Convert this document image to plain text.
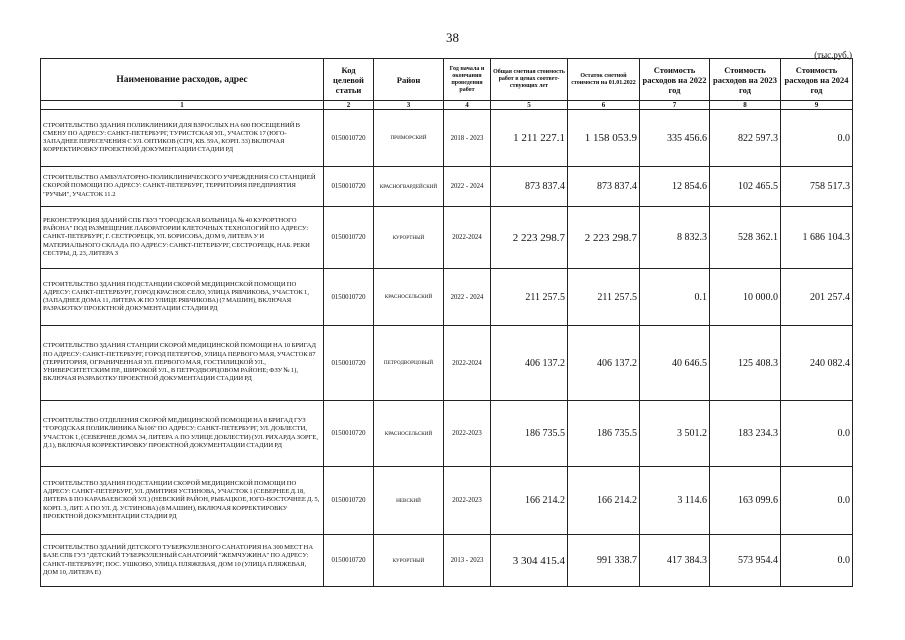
38
(тыс.руб.)
Наименование расходов, адрес	Код целевой статьи	Район	Год начала и окончания проведения работ	Общая сметная стоимость работ в ценах соответ-ствующих лет	Остаток сметной стоимости на 01.01.2022	Стоимость расходов на 2022 год	Стоимость расходов на 2023 год	Стоимость расходов на 2024 год
1	2	3	4	5	6	7	8	9
СТРОИТЕЛЬСТВО ЗДАНИЯ ПОЛИКЛИНИКИ ДЛЯ ВЗРОСЛЫХ НА 600 ПОСЕЩЕНИЙ В СМЕНУ ПО АДРЕСУ: САНКТ-ПЕТЕРБУРГ, ТУРИСТСКАЯ УЛ., УЧАСТОК 17 (ЮГО-ЗАПАДНЕЕ ПЕРЕСЕЧЕНИЯ С УЛ. ОПТИКОВ (СПЧ, КВ. 59А, КОРП. 33) ВКЛЮЧАЯ КОРРЕКТИРОВКУ ПРОЕКТНОЙ ДОКУМЕНТАЦИИ СТАДИИ РД	0150010720	ПРИМОРСКИЙ	2018 - 2023	1 211 227.1	1 158 053.9	335 456.6	822 597.3	0.0
СТРОИТЕЛЬСТВО АМБУЛАТОРНО-ПОЛИКЛИНИЧЕСКОГО УЧРЕЖДЕНИЯ СО СТАНЦИЕЙ СКОРОЙ ПОМОЩИ ПО АДРЕСУ: САНКТ-ПЕТЕРБУРГ, ТЕРРИТОРИЯ ПРЕДПРИЯТИЯ "РУЧЬИ", УЧАСТОК 11.2	0150010720	КРАСНОГВАРДЕЙСКИЙ	2022 - 2024	873 837.4	873 837.4	12 854.6	102 465.5	758 517.3
РЕКОНСТРУКЦИЯ ЗДАНИЙ СПБ ГБУЗ "ГОРОДСКАЯ БОЛЬНИЦА № 40 КУРОРТНОГО РАЙОНА" ПОД РАЗМЕЩЕНИЕ ЛАБОРАТОРИИ КЛЕТОЧНЫХ ТЕХНОЛОГИЙ ПО АДРЕСУ: САНКТ-ПЕТЕРБУРГ, Г. СЕСТРОРЕЦК, УЛ. БОРИСОВА, ДОМ 9, ЛИТЕРА У И МАТЕРИАЛЬНОГО СКЛАДА ПО АДРЕСУ: САНКТ-ПЕТЕРБУРГ, СЕСТРОРЕЦК, НАБ. РЕКИ СЕСТРЫ, Д. 23, ЛИТЕРА З	0150010720	КУРОРТНЫЙ	2022-2024	2 223 298.7	2 223 298.7	8 832.3	528 362.1	1 686 104.3
СТРОИТЕЛЬСТВО ЗДАНИЯ ПОДСТАНЦИИ СКОРОЙ МЕДИЦИНСКОЙ ПОМОЩИ ПО АДРЕСУ: САНКТ-ПЕТЕРБУРГ, ГОРОД КРАСНОЕ СЕЛО, УЛИЦА РЯБЧИКОВА, УЧАСТОК 1, (ЗАПАДНЕЕ ДОМА 11, ЛИТЕРА Ж ПО УЛИЦЕ РЯБЧИКОВА) (7 МАШИН), ВКЛЮЧАЯ РАЗРАБОТКУ ПРОЕКТНОЙ ДОКУМЕНТАЦИИ СТАДИИ РД	0150010720	КРАСНОСЕЛЬСКИЙ	2022 - 2024	211 257.5	211 257.5	0.1	10 000.0	201 257.4
СТРОИТЕЛЬСТВО ЗДАНИЯ СТАНЦИИ СКОРОЙ МЕДИЦИНСКОЙ ПОМОЩИ НА 10 БРИГАД ПО АДРЕСУ: САНКТ-ПЕТЕРБУРГ, ГОРОД ПЕТЕРГОФ, УЛИЦА ПЕРВОГО МАЯ, УЧАСТОК 87 (ТЕРРИТОРИЯ, ОГРАНИЧЕННАЯ УЛ. ПЕРВОГО МАЯ, ГОСТИЛИЦКОЙ УЛ., УНИВЕРСИТЕТСКИМ ПР., ШИРОКОЙ УЛ., В ПЕТРОДВОРЦОВОМ РАЙОНЕ; ФЗУ № 1), ВКЛЮЧАЯ РАЗРАБОТКУ ПРОЕКТНОЙ ДОКУМЕНТАЦИИ СТАДИИ РД	0150010720	ПЕТРОДВОРЦОВЫЙ	2022-2024	406 137.2	406 137.2	40 646.5	125 408.3	240 082.4
СТРОИТЕЛЬСТВО ОТДЕЛЕНИЯ СКОРОЙ МЕДИЦИНСКОЙ ПОМОЩИ НА 8 БРИГАД ГУЗ "ГОРОДСКАЯ ПОЛИКЛИНИКА №106" ПО АДРЕСУ: САНКТ-ПЕТЕРБУРГ, УЛ. ДОБЛЕСТИ, УЧАСТОК 1, (СЕВЕРНЕЕ ДОМА 34, ЛИТЕРА А ПО УЛИЦЕ ДОБЛЕСТИ) (УЛ. РИХАРДА ЗОРГЕ, Д.1), ВКЛЮЧАЯ КОРРЕКТИРОВКУ ПРОЕКТНОЙ ДОКУМЕНТАЦИИ СТАДИИ РД	0150010720	КРАСНОСЕЛЬСКИЙ	2022-2023	186 735.5	186 735.5	3 501.2	183 234.3	0.0
СТРОИТЕЛЬСТВО ЗДАНИЯ ПОДСТАНЦИИ СКОРОЙ МЕДИЦИНСКОЙ ПОМОЩИ ПО АДРЕСУ: САНКТ-ПЕТЕРБУРГ, УЛ. ДМИТРИЯ УСТИНОВА, УЧАСТОК 1 (СЕВЕРНЕЕ Д.18, ЛИТЕРА Б ПО КАРАВАЕВСКОЙ УЛ.) (НЕВСКИЙ РАЙОН, РЫБАЦКОЕ, ЮГО-ВОСТОЧНЕЕ Д. 5, КОРП. 3, ЛИТ. А ПО УЛ. Д. УСТИНОВА) (8 МАШИН), ВКЛЮЧАЯ КОРРЕКТИРОВКУ ПРОЕКТНОЙ ДОКУМЕНТАЦИИ СТАДИИ РД	0150010720	НЕВСКИЙ	2022-2023	166 214.2	166 214.2	3 114.6	163 099.6	0.0
СТРОИТЕЛЬСТВО ЗДАНИЙ ДЕТСКОГО ТУБЕРКУЛЕЗНОГО САНАТОРИЯ НА 300 МЕСТ НА БАЗЕ СПБ ГУЗ "ДЕТСКИЙ ТУБЕРКУЛЕЗНЫЙ САНАТОРИЙ "ЖЕМЧУЖИНА" ПО АДРЕСУ: САНКТ-ПЕТЕРБУРГ, ПОС. УШКОВО, УЛИЦА ПЛЯЖЕВАЯ, ДОМ 10 (УЛИЦА ПЛЯЖЕВАЯ, ДОМ 10, ЛИТЕРА Е)	0150010720	КУРОРТНЫЙ	2013 - 2023	3 304 415.4	991 338.7	417 384.3	573 954.4	0.0
